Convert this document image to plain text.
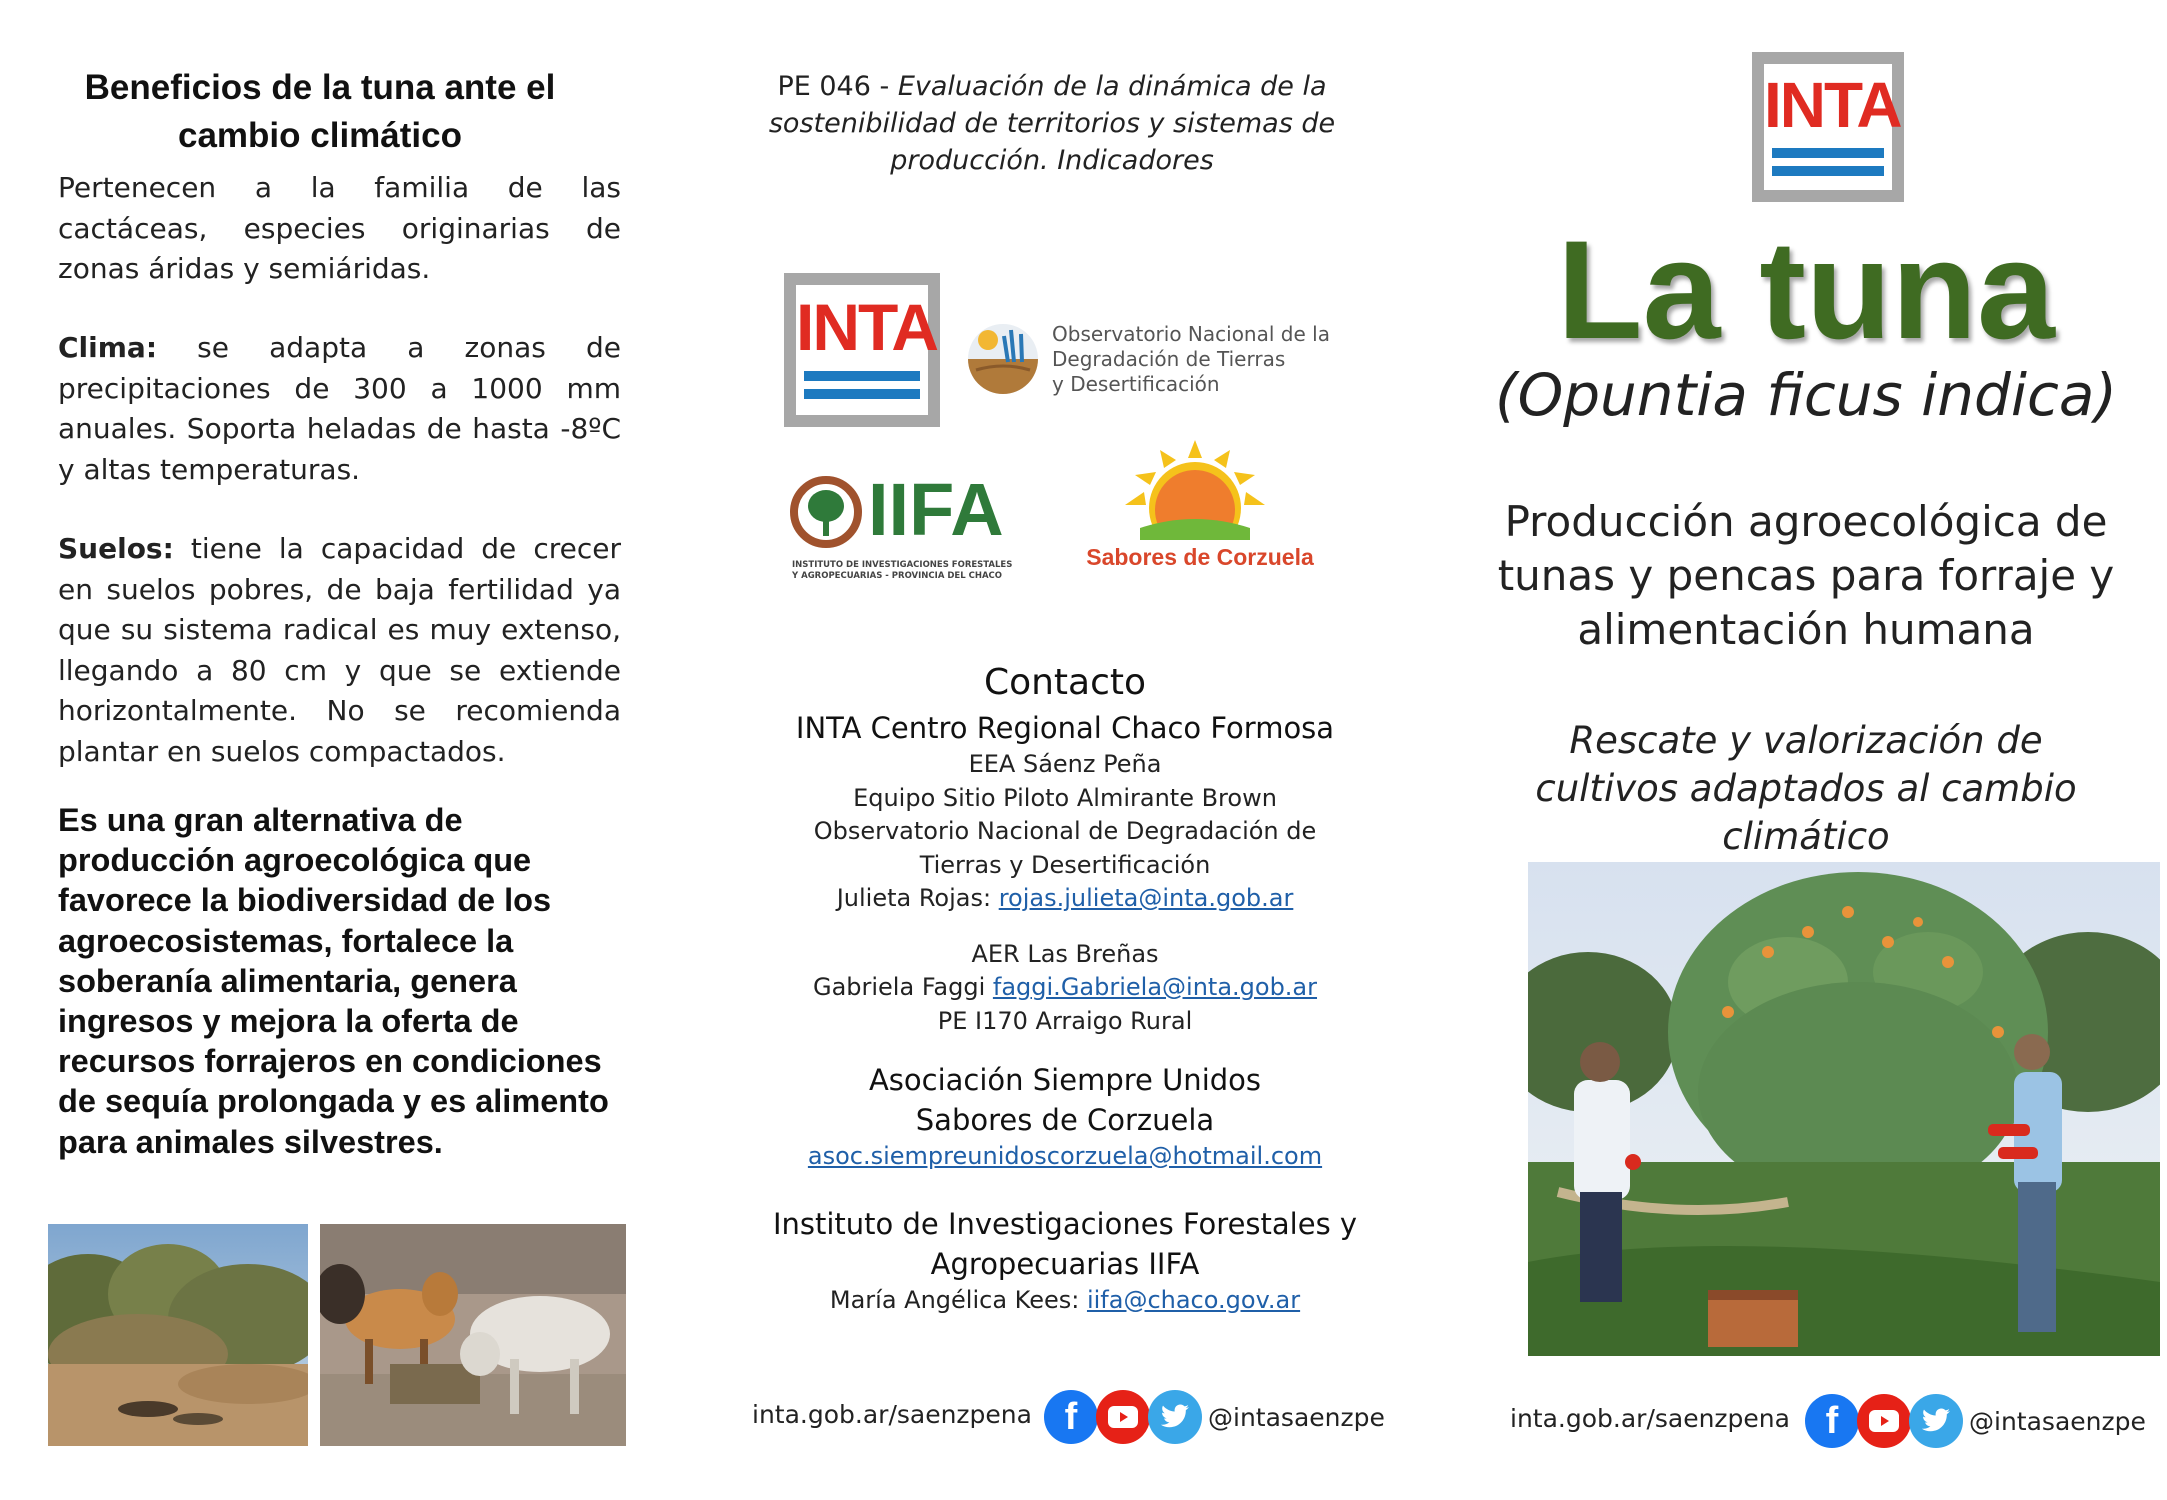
Beneficios de la tuna ante el cambio climático
Pertenecen a la familia de las cactáceas, especies originarias de zonas áridas y semiáridas.
Clima: se adapta a zonas de precipitaciones de 300 a 1000 mm anuales. Soporta heladas de hasta -8ºC y altas temperaturas.
Suelos: tiene la capacidad de crecer en suelos pobres, de baja fertilidad ya que su sistema radical es muy extenso, llegando a 80 cm y que se extiende horizontalmente. No se recomienda plantar en suelos compactados.
Es una gran alternativa de producción agroecológica que favorece la biodiversidad de los agroecosistemas, fortalece la soberanía alimentaria, genera ingresos y mejora la oferta de recursos forrajeros en condiciones de sequía prolongada y es alimento para animales silvestres.
PE 046 - Evaluación de la dinámica de la sostenibilidad de territorios y sistemas de producción. Indicadores
INTA	Observatorio Nacional de la
Degradación de Tierras
y Desertificación
IIFA
INSTITUTO DE INVESTIGACIONES FORESTALES
Y AGROPECUARIAS - PROVINCIA DEL CHACO
Sabores de Corzuela
Contacto
INTA Centro Regional Chaco Formosa
EEA Sáenz Peña
Equipo Sitio Piloto Almirante Brown
Observatorio Nacional de Degradación de Tierras y Desertificación
Julieta Rojas: rojas.julieta@inta.gob.ar
AER Las Breñas
Gabriela Faggi faggi.Gabriela@inta.gob.ar
PE I170 Arraigo Rural
Asociación Siempre Unidos
Sabores de Corzuela
asoc.siempreunidoscorzuela@hotmail.com
Instituto de Investigaciones Forestales y
Agropecuarias IIFA
María Angélica Kees: iifa@chaco.gov.ar
inta.gob.ar/saenzpena f	@intasaenzpe
INTA
La tuna
(Opuntia ficus indica)
Producción agroecológica de tunas y pencas para forraje y alimentación humana
Rescate y valorización de cultivos adaptados al cambio climático
inta.gob.ar/saenzpena f	@intasaenzpe
